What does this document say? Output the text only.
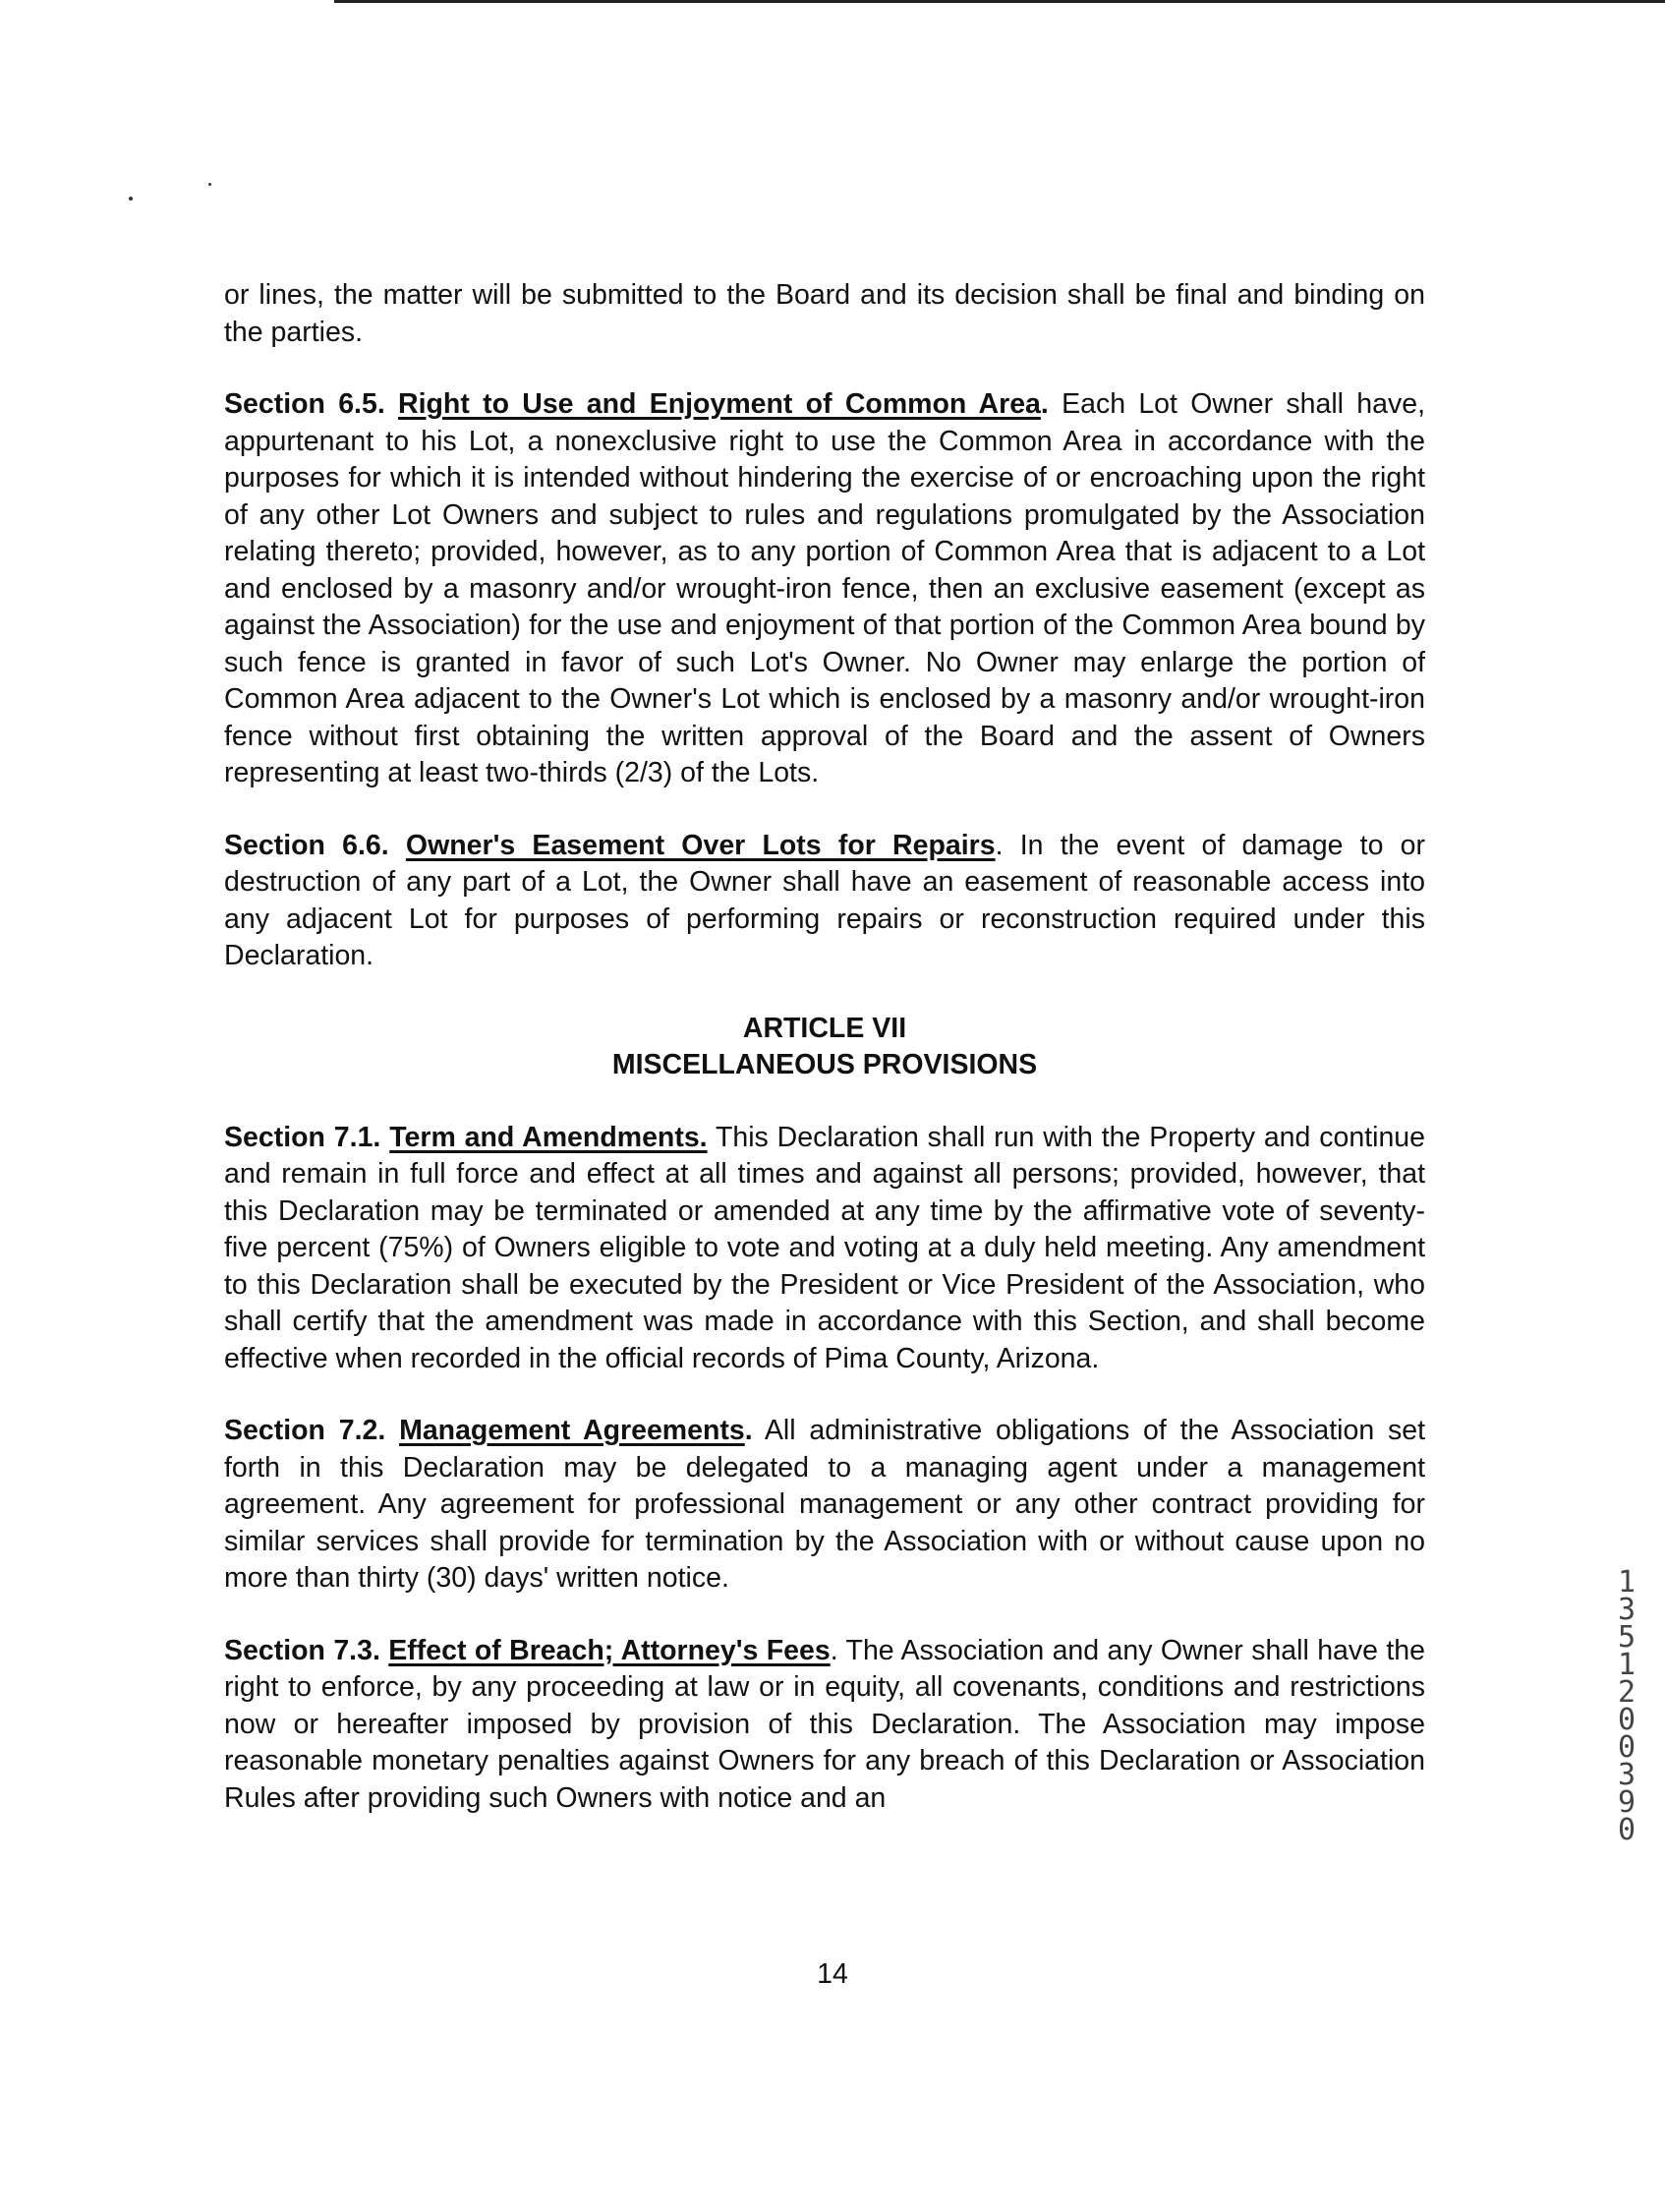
or lines, the matter will be submitted to the Board and its decision shall be final and binding on the parties.

Section 6.5. Right to Use and Enjoyment of Common Area. Each Lot Owner shall have, appurtenant to his Lot, a nonexclusive right to use the Common Area in accordance with the purposes for which it is intended without hindering the exercise of or encroaching upon the right of any other Lot Owners and subject to rules and regulations promulgated by the Association relating thereto; provided, however, as to any portion of Common Area that is adjacent to a Lot and enclosed by a masonry and/or wrought-iron fence, then an exclusive easement (except as against the Association) for the use and enjoyment of that portion of the Common Area bound by such fence is granted in favor of such Lot's Owner. No Owner may enlarge the portion of Common Area adjacent to the Owner's Lot which is enclosed by a masonry and/or wrought-iron fence without first obtaining the written approval of the Board and the assent of Owners representing at least two-thirds (2/3) of the Lots.

Section 6.6. Owner's Easement Over Lots for Repairs. In the event of damage to or destruction of any part of a Lot, the Owner shall have an easement of reasonable access into any adjacent Lot for purposes of performing repairs or reconstruction required under this Declaration.

ARTICLE VII

MISCELLANEOUS PROVISIONS

Section 7.1. Term and Amendments. This Declaration shall run with the Property and continue and remain in full force and effect at all times and against all persons; provided, however, that this Declaration may be terminated or amended at any time by the affirmative vote of seventy-five percent (75%) of Owners eligible to vote and voting at a duly held meeting. Any amendment to this Declaration shall be executed by the President or Vice President of the Association, who shall certify that the amendment was made in accordance with this Section, and shall become effective when recorded in the official records of Pima County, Arizona.

Section 7.2. Management Agreements. All administrative obligations of the Association set forth in this Declaration may be delegated to a managing agent under a management agreement. Any agreement for professional management or any other contract providing for similar services shall provide for termination by the Association with or without cause upon no more than thirty (30) days' written notice.

Section 7.3. Effect of Breach; Attorney's Fees. The Association and any Owner shall have the right to enforce, by any proceeding at law or in equity, all covenants, conditions and restrictions now or hereafter imposed by provision of this Declaration. The Association may impose reasonable monetary penalties against Owners for any breach of this Declaration or Association Rules after providing such Owners with notice and an

14
13512 00390
